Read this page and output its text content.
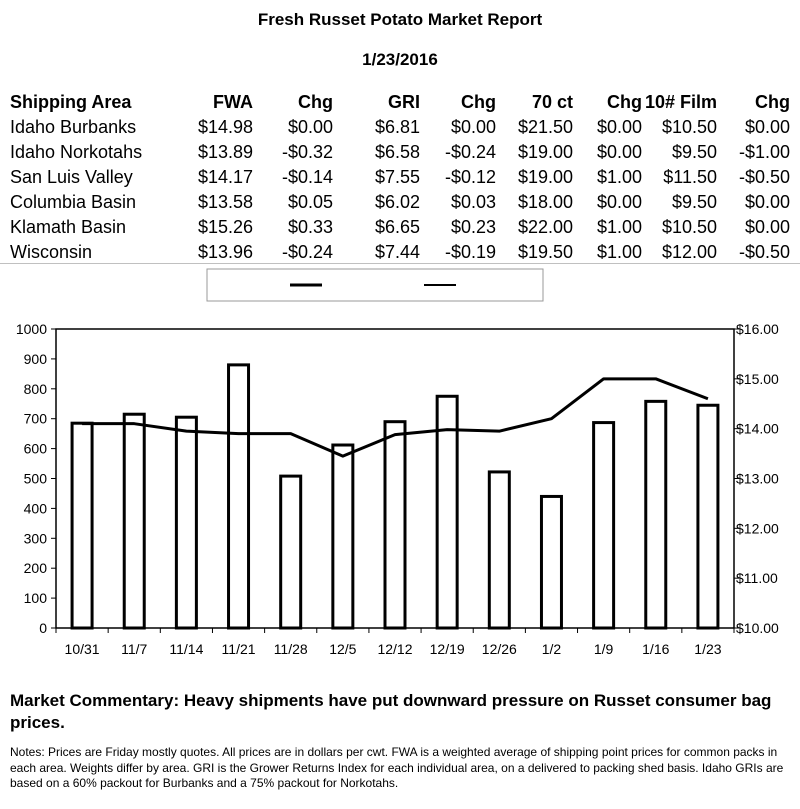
Fresh Russet Potato Market Report
1/23/2016
Shipping Area	FWA	Chg	GRI	Chg	70 ct	Chg	10# Film	Chg
Idaho Burbanks	$14.98	$0.00	$6.81	$0.00	$21.50	$0.00	$10.50	$0.00
Idaho Norkotahs	$13.89	-$0.32	$6.58	-$0.24	$19.00	$0.00	$9.50	-$1.00
San Luis Valley	$14.17	-$0.14	$7.55	-$0.12	$19.00	$1.00	$11.50	-$0.50
Columbia Basin	$13.58	$0.05	$6.02	$0.03	$18.00	$0.00	$9.50	$0.00
Klamath Basin	$15.26	$0.33	$6.65	$0.23	$22.00	$1.00	$10.50	$0.00
Wisconsin	$13.96	-$0.24	$7.44	-$0.19	$19.50	$1.00	$12.00	-$0.50
0
100
200
300
400
500
600
700
800
900
1000
$10.00
$11.00
$12.00
$13.00
$14.00
$15.00
$16.00
10/31 11/7 11/14 11/21 11/28 12/5 12/12 12/19 12/26 1/2 1/9 1/16 1/23
Market Commentary: Heavy shipments have put downward pressure on Russet consumer bag prices.
Notes: Prices are Friday mostly quotes. All prices are in dollars per cwt. FWA is a weighted average of shipping point prices for common packs in each area. Weights differ by area. GRI is the Grower Returns Index for each individual area, on a delivered to packing shed basis. Idaho GRIs are based on a 60% packout for Burbanks and a 75% packout for Norkotahs.
